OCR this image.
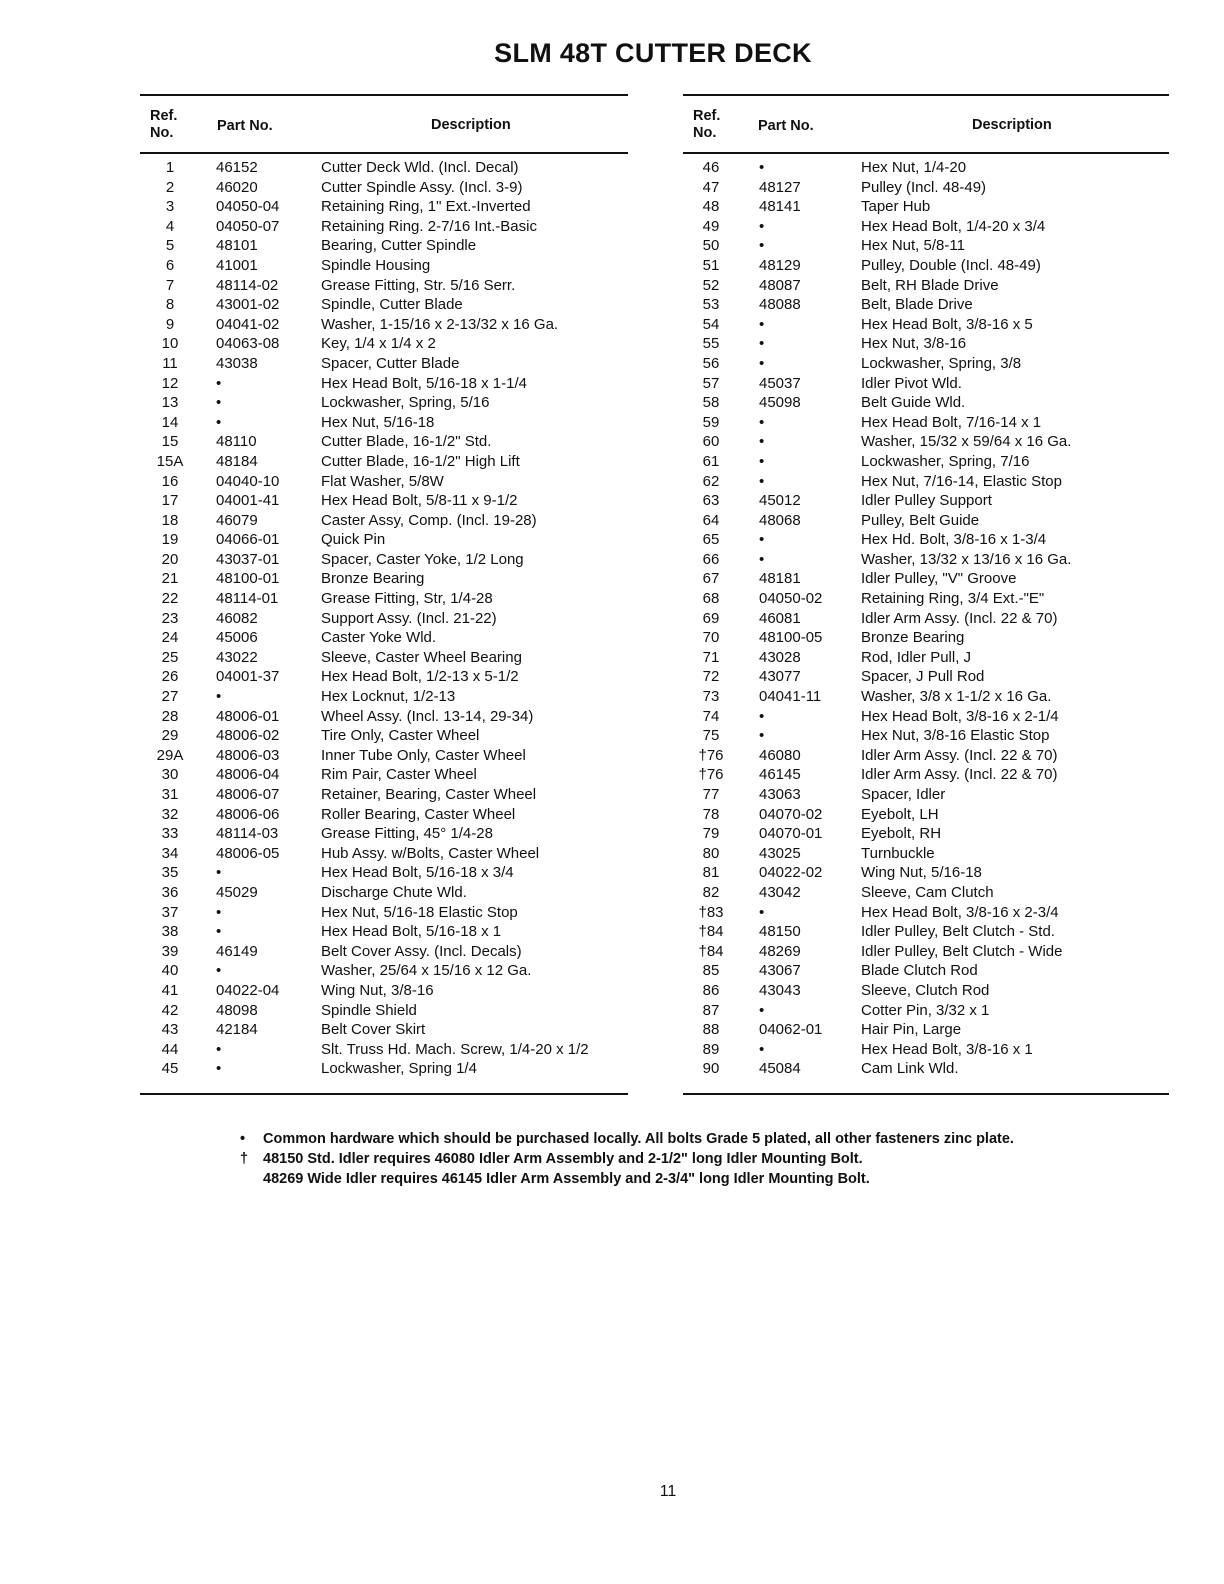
SLM 48T CUTTER DECK
Ref.
No.	Part No.	Description
1	46152	Cutter Deck Wld. (Incl. Decal)
2	46020	Cutter Spindle Assy. (Incl. 3-9)
3	04050-04	Retaining Ring, 1" Ext.-Inverted
4	04050-07	Retaining Ring. 2-7/16 Int.-Basic
5	48101	Bearing, Cutter Spindle
6	41001	Spindle Housing
7	48114-02	Grease Fitting, Str. 5/16 Serr.
8	43001-02	Spindle, Cutter Blade
9	04041-02	Washer, 1-15/16 x 2-13/32 x 16 Ga.
10	04063-08	Key, 1/4 x 1/4 x 2
11	43038	Spacer, Cutter Blade
12	•	Hex Head Bolt, 5/16-18 x 1-1/4
13	•	Lockwasher, Spring, 5/16
14	•	Hex Nut, 5/16-18
15	48110	Cutter Blade, 16-1/2" Std.
15A	48184	Cutter Blade, 16-1/2" High Lift
16	04040-10	Flat Washer, 5/8W
17	04001-41	Hex Head Bolt, 5/8-11 x 9-1/2
18	46079	Caster Assy, Comp. (Incl. 19-28)
19	04066-01	Quick Pin
20	43037-01	Spacer, Caster Yoke, 1/2 Long
21	48100-01	Bronze Bearing
22	48114-01	Grease Fitting, Str, 1/4-28
23	46082	Support Assy. (Incl. 21-22)
24	45006	Caster Yoke Wld.
25	43022	Sleeve, Caster Wheel Bearing
26	04001-37	Hex Head Bolt, 1/2-13 x 5-1/2
27	•	Hex Locknut, 1/2-13
28	48006-01	Wheel Assy. (Incl. 13-14, 29-34)
29	48006-02	Tire Only, Caster Wheel
29A	48006-03	Inner Tube Only, Caster Wheel
30	48006-04	Rim Pair, Caster Wheel
31	48006-07	Retainer, Bearing, Caster Wheel
32	48006-06	Roller Bearing, Caster Wheel
33	48114-03	Grease Fitting, 45° 1/4-28
34	48006-05	Hub Assy. w/Bolts, Caster Wheel
35	•	Hex Head Bolt, 5/16-18 x 3/4
36	45029	Discharge Chute Wld.
37	•	Hex Nut, 5/16-18 Elastic Stop
38	•	Hex Head Bolt, 5/16-18 x 1
39	46149	Belt Cover Assy. (Incl. Decals)
40	•	Washer, 25/64 x 15/16 x 12 Ga.
41	04022-04	Wing Nut, 3/8-16
42	48098	Spindle Shield
43	42184	Belt Cover Skirt
44	•	Slt. Truss Hd. Mach. Screw, 1/4-20 x 1/2
45	•	Lockwasher, Spring 1/4
Ref.
No.	Part No.	Description
46	•	Hex Nut, 1/4-20
47	48127	Pulley (Incl. 48-49)
48	48141	Taper Hub
49	•	Hex Head Bolt, 1/4-20 x 3/4
50	•	Hex Nut, 5/8-11
51	48129	Pulley, Double (Incl. 48-49)
52	48087	Belt, RH Blade Drive
53	48088	Belt, Blade Drive
54	•	Hex Head Bolt, 3/8-16 x 5
55	•	Hex Nut, 3/8-16
56	•	Lockwasher, Spring, 3/8
57	45037	Idler Pivot Wld.
58	45098	Belt Guide Wld.
59	•	Hex Head Bolt, 7/16-14 x 1
60	•	Washer, 15/32 x 59/64 x 16 Ga.
61	•	Lockwasher, Spring, 7/16
62	•	Hex Nut, 7/16-14, Elastic Stop
63	45012	Idler Pulley Support
64	48068	Pulley, Belt Guide
65	•	Hex Hd. Bolt, 3/8-16 x 1-3/4
66	•	Washer, 13/32 x 13/16 x 16 Ga.
67	48181	Idler Pulley, "V" Groove
68	04050-02	Retaining Ring, 3/4 Ext.-"E"
69	46081	Idler Arm Assy. (Incl. 22 & 70)
70	48100-05	Bronze Bearing
71	43028	Rod, Idler Pull, J
72	43077	Spacer, J Pull Rod
73	04041-11	Washer, 3/8 x 1-1/2 x 16 Ga.
74	•	Hex Head Bolt, 3/8-16 x 2-1/4
75	•	Hex Nut, 3/8-16 Elastic Stop
†76	46080	Idler Arm Assy. (Incl. 22 & 70)
†76	46145	Idler Arm Assy. (Incl. 22 & 70)
77	43063	Spacer, Idler
78	04070-02	Eyebolt, LH
79	04070-01	Eyebolt, RH
80	43025	Turnbuckle
81	04022-02	Wing Nut, 5/16-18
82	43042	Sleeve, Cam Clutch
†83	•	Hex Head Bolt, 3/8-16 x 2-3/4
†84	48150	Idler Pulley, Belt Clutch - Std.
†84	48269	Idler Pulley, Belt Clutch - Wide
85	43067	Blade Clutch Rod
86	43043	Sleeve, Clutch Rod
87	•	Cotter Pin, 3/32 x 1
88	04062-01	Hair Pin, Large
89	•	Hex Head Bolt, 3/8-16 x 1
90	45084	Cam Link Wld.
• Common hardware which should be purchased locally. All bolts Grade 5 plated, all other fasteners zinc plate.
† 48150 Std. Idler requires 46080 Idler Arm Assembly and 2-1/2" long Idler Mounting Bolt.
48269 Wide Idler requires 46145 Idler Arm Assembly and 2-3/4" long Idler Mounting Bolt.
11
